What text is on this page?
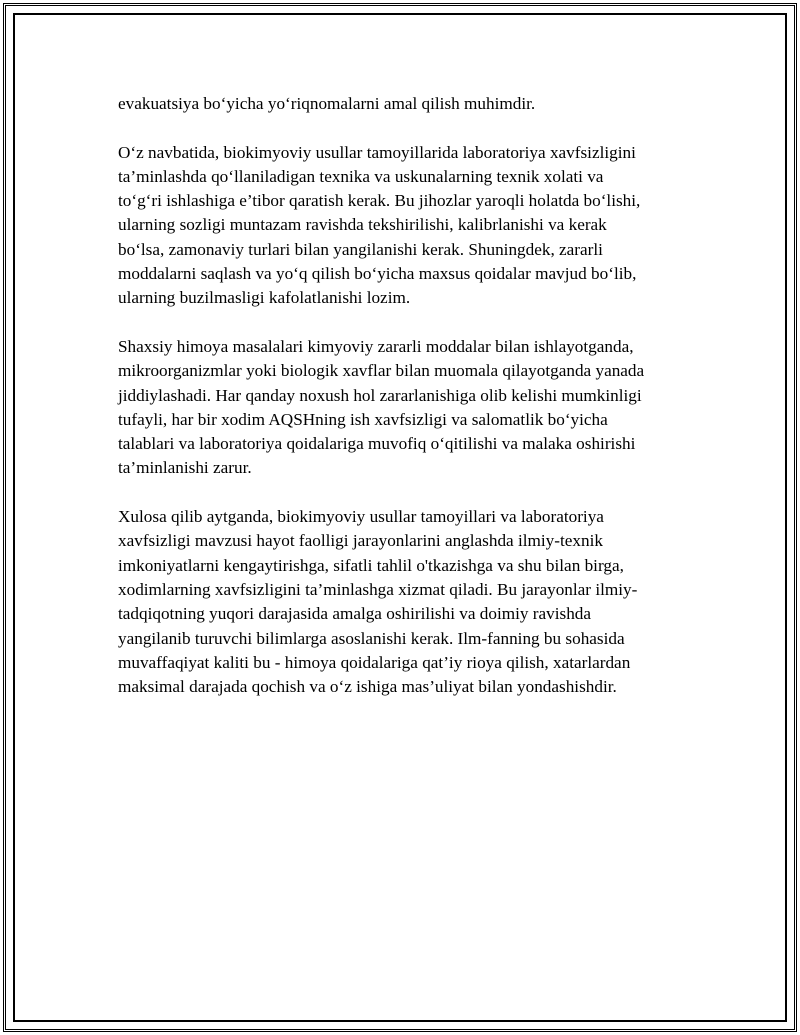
evakuatsiya bo‘yicha yo‘riqnomalarni amal qilish muhimdir.

O‘z navbatida, biokimyoviy usullar tamoyillarida laboratoriya xavfsizligini
ta’minlashda qo‘llaniladigan texnika va uskunalarning texnik xolati va
to‘g‘ri ishlashiga e’tibor qaratish kerak. Bu jihozlar yaroqli holatda bo‘lishi,
ularning sozligi muntazam ravishda tekshirilishi, kalibrlanishi va kerak
bo‘lsa, zamonaviy turlari bilan yangilanishi kerak. Shuningdek, zararli
moddalarni saqlash va yo‘q qilish bo‘yicha maxsus qoidalar mavjud bo‘lib,
ularning buzilmasligi kafolatlanishi lozim.

Shaxsiy himoya masalalari kimyoviy zararli moddalar bilan ishlayotganda,
mikroorganizmlar yoki biologik xavflar bilan muomala qilayotganda yanada
jiddiylashadi. Har qanday noxush hol zararlanishiga olib kelishi mumkinligi
tufayli, har bir xodim AQSHning ish xavfsizligi va salomatlik bo‘yicha
talablari va laboratoriya qoidalariga muvofiq o‘qitilishi va malaka oshirishi
ta’minlanishi zarur.

Xulosa qilib aytganda, biokimyoviy usullar tamoyillari va laboratoriya
xavfsizligi mavzusi hayot faolligi jarayonlarini anglashda ilmiy-texnik
imkoniyatlarni kengaytirishga, sifatli tahlil o'tkazishga va shu bilan birga,
xodimlarning xavfsizligini ta’minlashga xizmat qiladi. Bu jarayonlar ilmiy-
tadqiqotning yuqori darajasida amalga oshirilishi va doimiy ravishda
yangilanib turuvchi bilimlarga asoslanishi kerak. Ilm-fanning bu sohasida
muvaffaqiyat kaliti bu - himoya qoidalariga qat’iy rioya qilish, xatarlardan
maksimal darajada qochish va o‘z ishiga mas’uliyat bilan yondashishdir.
